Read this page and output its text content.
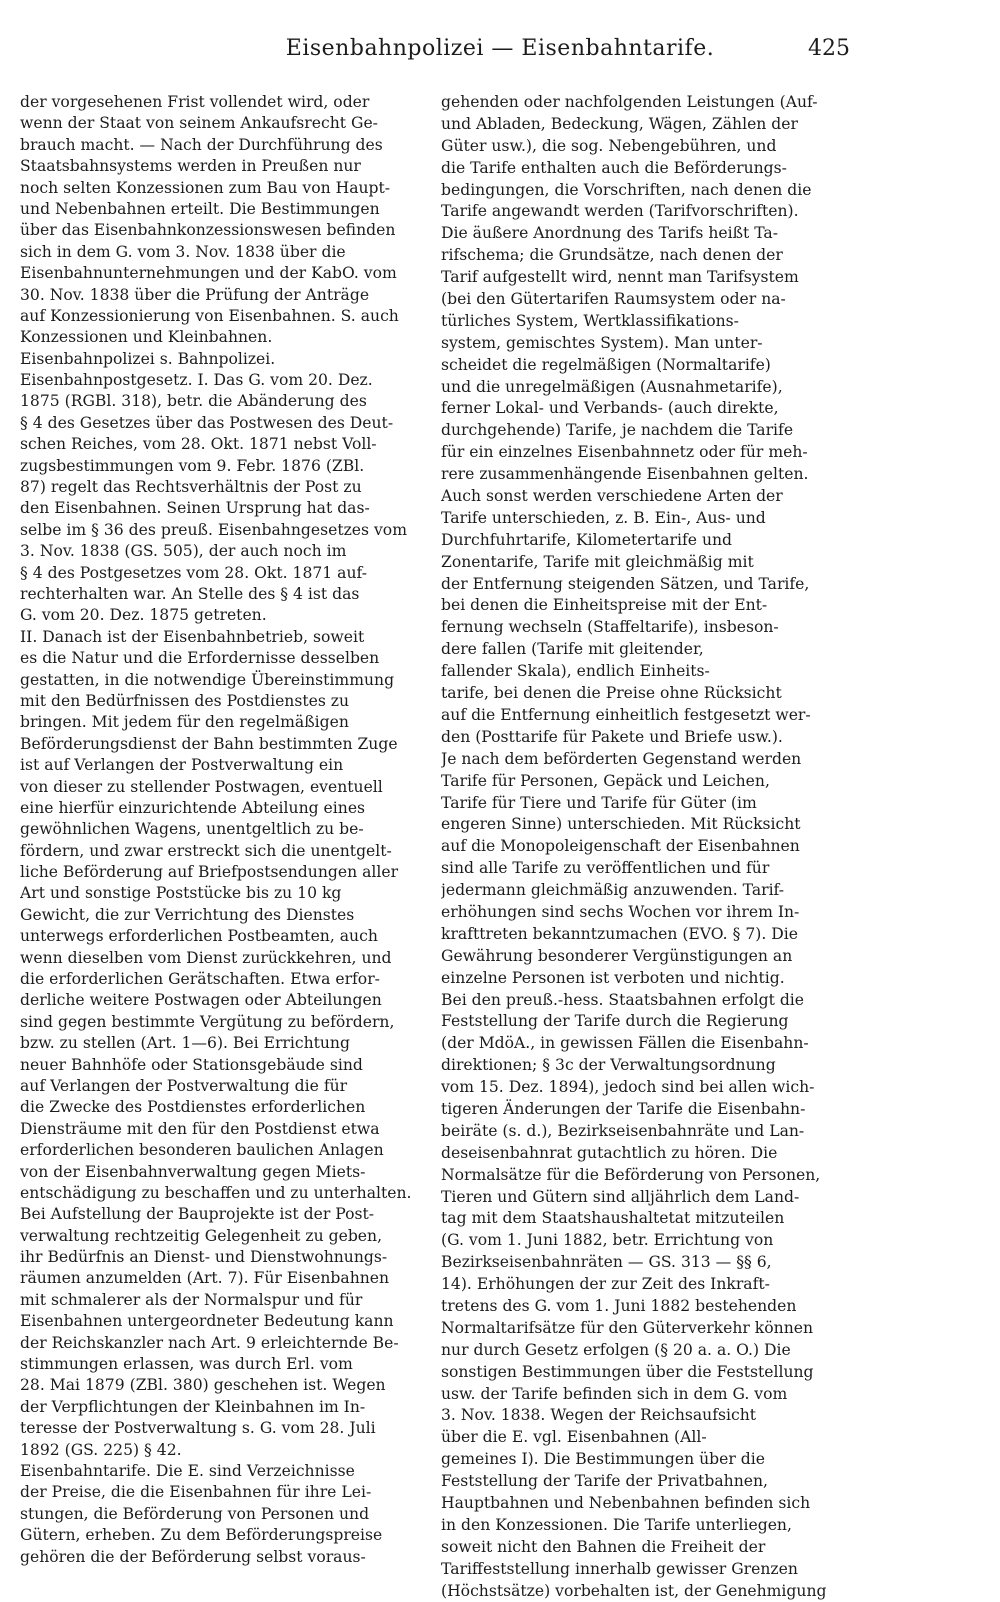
Eisenbahnpolizei — Eisenbahntarife.	425
der vorgesehenen Frist vollendet wird, oder
wenn der Staat von seinem Ankaufsrecht Ge-
brauch macht. — Nach der Durchführung des
Staatsbahnsystems werden in Preußen nur
noch selten Konzessionen zum Bau von Haupt-
und Nebenbahnen erteilt. Die Bestimmungen
über das Eisenbahnkonzessionswesen befinden
sich in dem G. vom 3. Nov. 1838 über die
Eisenbahnunternehmungen und der KabO. vom
30. Nov. 1838 über die Prüfung der Anträge
auf Konzessionierung von Eisenbahnen. S. auch
Konzessionen und Kleinbahnen.
Eisenbahnpolizei s. Bahnpolizei.
Eisenbahnpostgesetz. I. Das G. vom 20. Dez.
1875 (RGBl. 318), betr. die Abänderung des
§ 4 des Gesetzes über das Postwesen des Deut-
schen Reiches, vom 28. Okt. 1871 nebst Voll-
zugsbestimmungen vom 9. Febr. 1876 (ZBl.
87) regelt das Rechtsverhältnis der Post zu
den Eisenbahnen. Seinen Ursprung hat das-
selbe im § 36 des preuß. Eisenbahngesetzes vom
3. Nov. 1838 (GS. 505), der auch noch im
§ 4 des Postgesetzes vom 28. Okt. 1871 auf-
rechterhalten war. An Stelle des § 4 ist das
G. vom 20. Dez. 1875 getreten.
II. Danach ist der Eisenbahnbetrieb, soweit
es die Natur und die Erfordernisse desselben
gestatten, in die notwendige Übereinstimmung
mit den Bedürfnissen des Postdienstes zu
bringen. Mit jedem für den regelmäßigen
Beförderungsdienst der Bahn bestimmten Zuge
ist auf Verlangen der Postverwaltung ein
von dieser zu stellender Postwagen, eventuell
eine hierfür einzurichtende Abteilung eines
gewöhnlichen Wagens, unentgeltlich zu be-
fördern, und zwar erstreckt sich die unentgelt-
liche Beförderung auf Briefpostsendungen aller
Art und sonstige Poststücke bis zu 10 kg
Gewicht, die zur Verrichtung des Dienstes
unterwegs erforderlichen Postbeamten, auch
wenn dieselben vom Dienst zurückkehren, und
die erforderlichen Gerätschaften. Etwa erfor-
derliche weitere Postwagen oder Abteilungen
sind gegen bestimmte Vergütung zu befördern,
bzw. zu stellen (Art. 1—6). Bei Errichtung
neuer Bahnhöfe oder Stationsgebäude sind
auf Verlangen der Postverwaltung die für
die Zwecke des Postdienstes erforderlichen
Diensträume mit den für den Postdienst etwa
erforderlichen besonderen baulichen Anlagen
von der Eisenbahnverwaltung gegen Miets-
entschädigung zu beschaffen und zu unterhalten.
Bei Aufstellung der Bauprojekte ist der Post-
verwaltung rechtzeitig Gelegenheit zu geben,
ihr Bedürfnis an Dienst- und Dienstwohnungs-
räumen anzumelden (Art. 7). Für Eisenbahnen
mit schmalerer als der Normalspur und für
Eisenbahnen untergeordneter Bedeutung kann
der Reichskanzler nach Art. 9 erleichternde Be-
stimmungen erlassen, was durch Erl. vom
28. Mai 1879 (ZBl. 380) geschehen ist. Wegen
der Verpflichtungen der Kleinbahnen im In-
teresse der Postverwaltung s. G. vom 28. Juli
1892 (GS. 225) § 42.
Eisenbahntarife. Die E. sind Verzeichnisse
der Preise, die die Eisenbahnen für ihre Lei-
stungen, die Beförderung von Personen und
Gütern, erheben. Zu dem Beförderungspreise
gehören die der Beförderung selbst voraus-
gehenden oder nachfolgenden Leistungen (Auf-
und Abladen, Bedeckung, Wägen, Zählen der
Güter usw.), die sog. Nebengebühren, und
die Tarife enthalten auch die Beförderungs-
bedingungen, die Vorschriften, nach denen die
Tarife angewandt werden (Tarifvorschriften).
Die äußere Anordnung des Tarifs heißt Ta-
rifschema; die Grundsätze, nach denen der
Tarif aufgestellt wird, nennt man Tarifsystem
(bei den Gütertarifen Raumsystem oder na-
türliches System, Wertklassifikations-
system, gemischtes System). Man unter-
scheidet die regelmäßigen (Normaltarife)
und die unregelmäßigen (Ausnahmetarife),
ferner Lokal- und Verbands- (auch direkte,
durchgehende) Tarife, je nachdem die Tarife
für ein einzelnes Eisenbahnnetz oder für meh-
rere zusammenhängende Eisenbahnen gelten.
Auch sonst werden verschiedene Arten der
Tarife unterschieden, z. B. Ein-, Aus- und
Durchfuhrtarife, Kilometertarife und
Zonentarife, Tarife mit gleichmäßig mit
der Entfernung steigenden Sätzen, und Tarife,
bei denen die Einheitspreise mit der Ent-
fernung wechseln (Staffeltarife), insbeson-
dere fallen (Tarife mit gleitender,
fallender Skala), endlich Einheits-
tarife, bei denen die Preise ohne Rücksicht
auf die Entfernung einheitlich festgesetzt wer-
den (Posttarife für Pakete und Briefe usw.).
Je nach dem beförderten Gegenstand werden
Tarife für Personen, Gepäck und Leichen,
Tarife für Tiere und Tarife für Güter (im
engeren Sinne) unterschieden. Mit Rücksicht
auf die Monopoleigenschaft der Eisenbahnen
sind alle Tarife zu veröffentlichen und für
jedermann gleichmäßig anzuwenden. Tarif-
erhöhungen sind sechs Wochen vor ihrem In-
krafttreten bekanntzumachen (EVO. § 7). Die
Gewährung besonderer Vergünstigungen an
einzelne Personen ist verboten und nichtig.
Bei den preuß.-hess. Staatsbahnen erfolgt die
Feststellung der Tarife durch die Regierung
(der MdöA., in gewissen Fällen die Eisenbahn-
direktionen; § 3c der Verwaltungsordnung
vom 15. Dez. 1894), jedoch sind bei allen wich-
tigeren Änderungen der Tarife die Eisenbahn-
beiräte (s. d.), Bezirkseisenbahnräte und Lan-
deseisenbahnrat gutachtlich zu hören. Die
Normalsätze für die Beförderung von Personen,
Tieren und Gütern sind alljährlich dem Land-
tag mit dem Staatshaushaltetat mitzuteilen
(G. vom 1. Juni 1882, betr. Errichtung von
Bezirkseisenbahnräten — GS. 313 — §§ 6,
14). Erhöhungen der zur Zeit des Inkraft-
tretens des G. vom 1. Juni 1882 bestehenden
Normaltarifsätze für den Güterverkehr können
nur durch Gesetz erfolgen (§ 20 a. a. O.) Die
sonstigen Bestimmungen über die Feststellung
usw. der Tarife befinden sich in dem G. vom
3. Nov. 1838. Wegen der Reichsaufsicht
über die E. vgl. Eisenbahnen (All-
gemeines I). Die Bestimmungen über die
Feststellung der Tarife der Privatbahnen,
Hauptbahnen und Nebenbahnen befinden sich
in den Konzessionen. Die Tarife unterliegen,
soweit nicht den Bahnen die Freiheit der
Tariffeststellung innerhalb gewisser Grenzen
(Höchstsätze) vorbehalten ist, der Genehmigung
